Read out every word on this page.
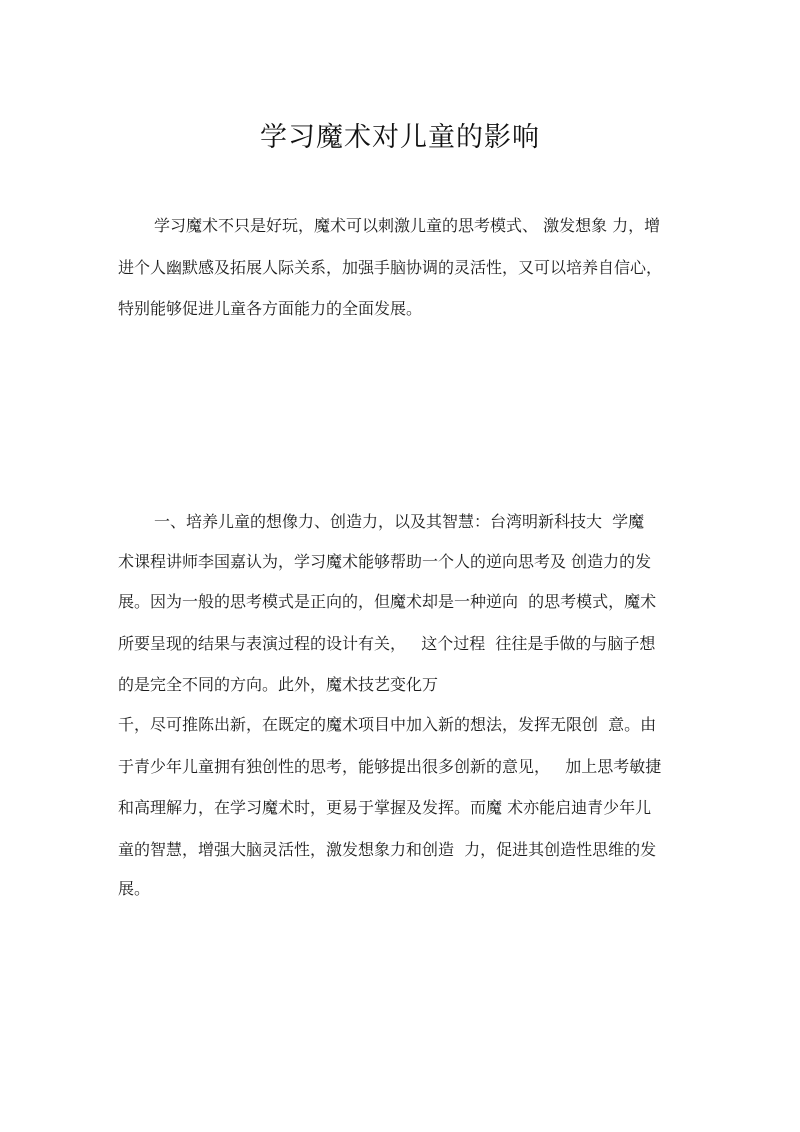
学习魔术对儿童的影响
学习魔术不只是好玩，魔术可以刺激儿童的思考模式、 激发想象 力，增
进个人幽默感及拓展人际关系，加强手脑协调的灵活性，又可以培养自信心，
特别能够促进儿童各方面能力的全面发展。
一、培养儿童的想像力、创造力，以及其智慧：台湾明新科技大  学魔
术课程讲师李国嘉认为，学习魔术能够帮助一个人的逆向思考及 创造力的发
展。因为一般的思考模式是正向的，但魔术却是一种逆向  的思考模式，魔术
所要呈现的结果与表演过程的设计有关，   这个过程  往往是手做的与脑子想
的是完全不同的方向。此外，魔术技艺变化万
千，尽可推陈出新，在既定的魔术项目中加入新的想法，发挥无限创  意。由
于青少年儿童拥有独创性的思考，能够提出很多创新的意见，   加上思考敏捷
和高理解力，在学习魔术时，更易于掌握及发挥。而魔 术亦能启迪青少年儿
童的智慧，增强大脑灵活性，激发想象力和创造  力，促进其创造性思维的发
展。
